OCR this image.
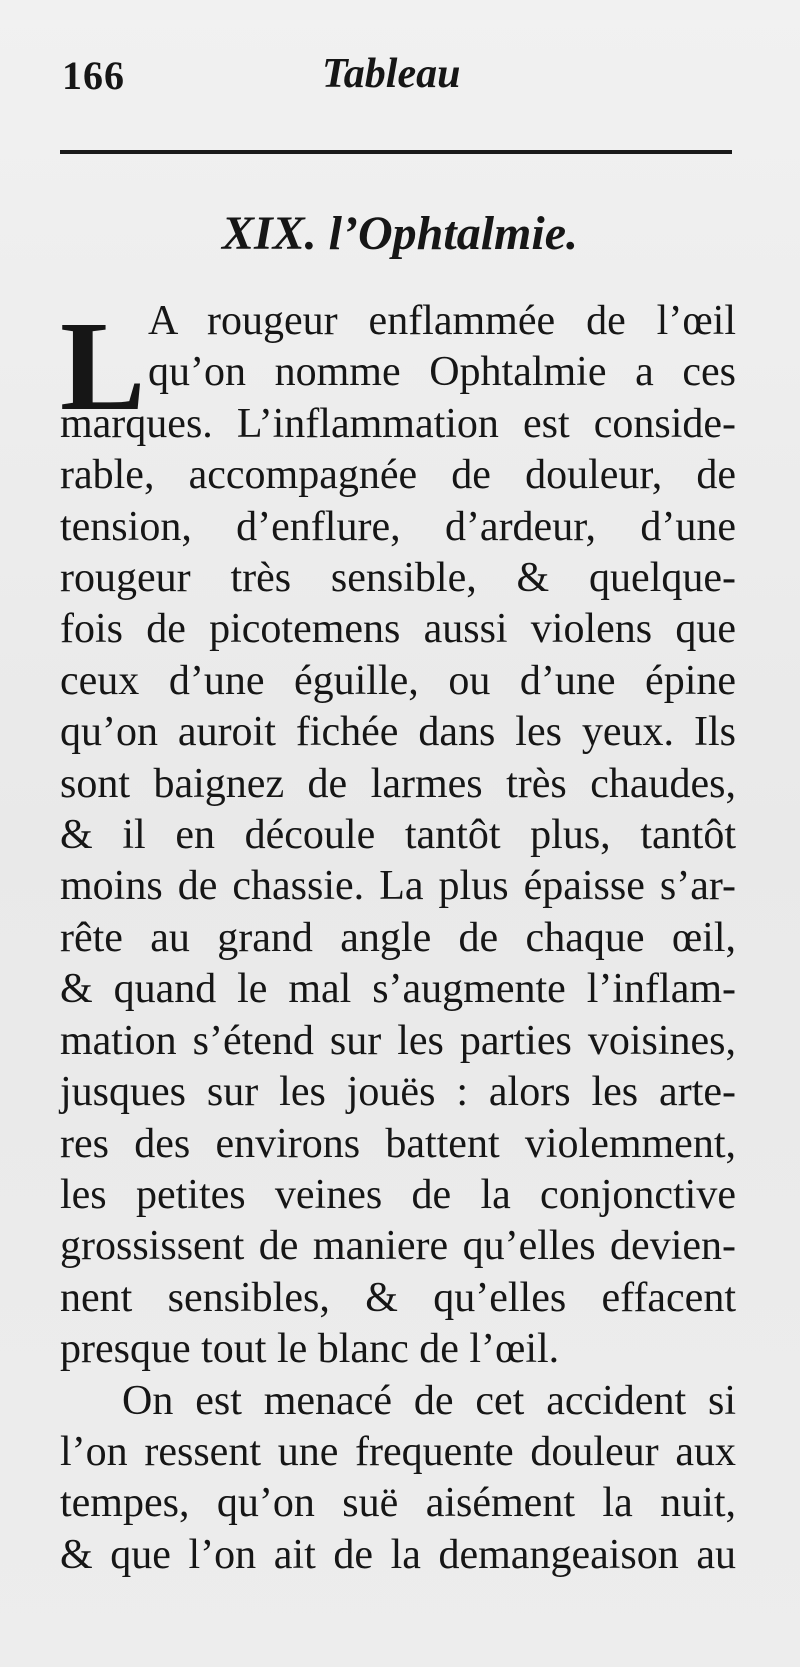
166	Tableau
XIX. l’Ophtalmie.
L A rougeur enflammée de l’œil
qu’on nomme Ophtalmie a ces
marques. L’inflammation est conside-
rable, accompagnée de douleur, de
tension, d’enflure, d’ardeur, d’une
rougeur très sensible, & quelque-
fois de picotemens aussi violens que
ceux d’une éguille, ou d’une épine
qu’on auroit fichée dans les yeux. Ils
sont baignez de larmes très chaudes,
& il en découle tantôt plus, tantôt
moins de chassie. La plus épaisse s’ar-
rête au grand angle de chaque œil,
& quand le mal s’augmente l’inflam-
mation s’étend sur les parties voisines,
jusques sur les jouës : alors les arte-
res des environs battent violemment,
les petites veines de la conjonctive
grossissent de maniere qu’elles devien-
nent sensibles, & qu’elles effacent
presque tout le blanc de l’œil.
On est menacé de cet accident si
l’on ressent une frequente douleur aux
tempes, qu’on suë aisément la nuit,
& que l’on ait de la demangeaison au
